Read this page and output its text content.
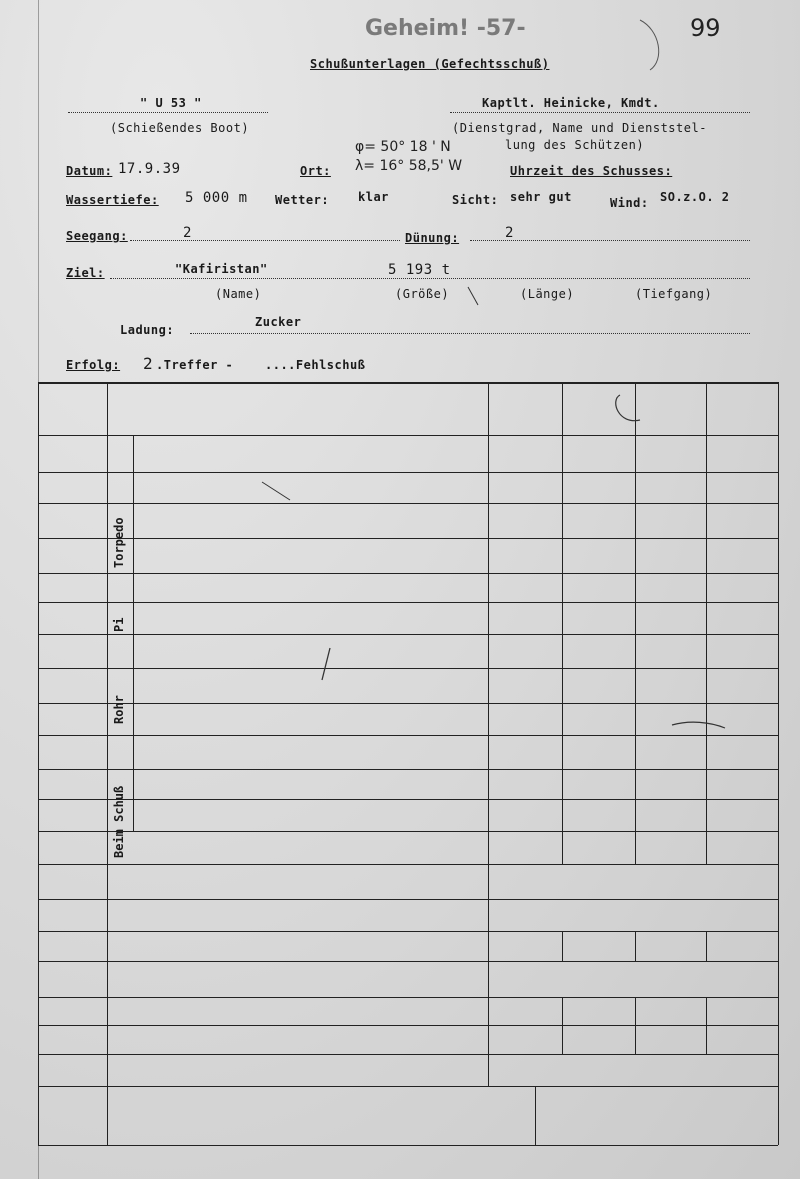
Geheim! -57-	99
Schußunterlagen (Gefechtsschuß)
" U 53 "
(Schießendes Boot)
Kaptlt. Heinicke, Kmdt.
(Dienstgrad, Name und Dienststel-
lung des Schützen)
φ= 50° 18 ' N
λ= 16° 58,5' W
Datum: 17.9.39	Ort:	Uhrzeit des Schusses:
Wassertiefe: 5 000 m Wetter: klar	Sicht: sehr gut	Wind: SO.z.O. 2
Seegang:	2	Dünung:	2
Ziel:	"Kafiristan"	5 193 t
(Name)	(Größe)	(Länge)	(Tiefgang)
Ladung:
Zucker
Erfolg: 2 .Treffer -	....Fehlschuß
Torpedo
Pi
Rohr
Beim Schuß
